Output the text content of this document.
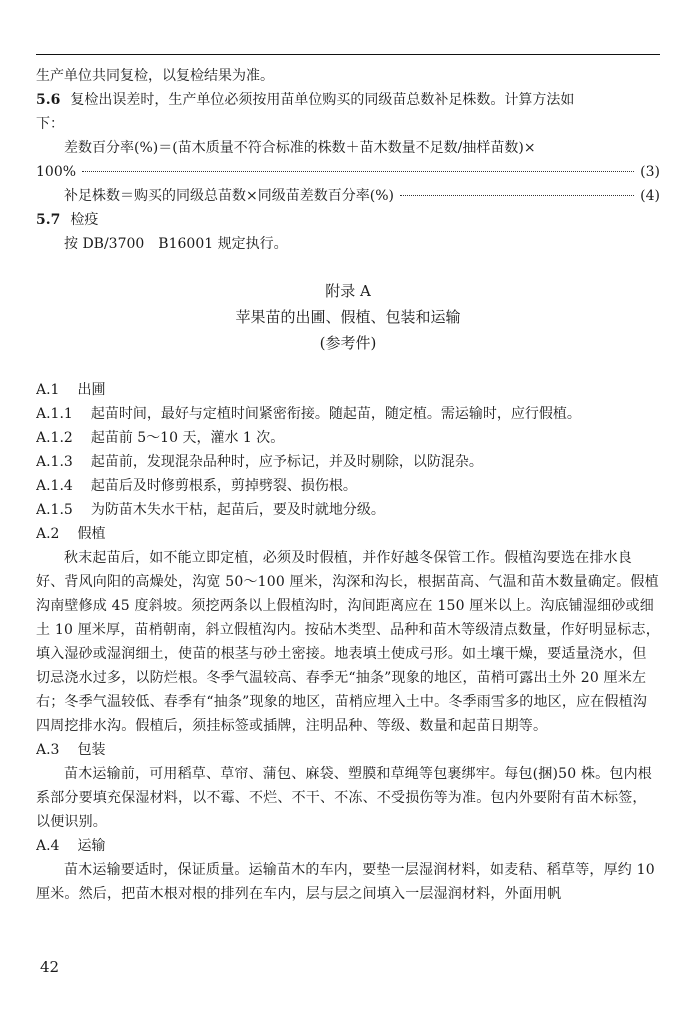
生产单位共同复检，以复检结果为准。

5.6 复检出误差时，生产单位必须按用苗单位购买的同级苗总数补足株数。计算方法如

下：

差数百分率(%)＝(苗木质量不符合标准的株数＋苗木数量不足数/抽样苗数)×

100%	(3)
补足株数＝购买的同级总苗数×同级苗差数百分率(%)	(4)

5.7 检疫

按 DB/3700　B16001 规定执行。

附录 A

苹果苗的出圃、假植、包装和运输

(参考件)

A.1 出圃

A.1.1 起苗时间，最好与定植时间紧密衔接。随起苗，随定植。需运输时，应行假植。

A.1.2 起苗前 5～10 天，灌水 1 次。

A.1.3 起苗前，发现混杂品种时，应予标记，并及时剔除，以防混杂。

A.1.4 起苗后及时修剪根系，剪掉劈裂、损伤根。

A.1.5 为防苗木失水干枯，起苗后，要及时就地分级。

A.2 假植

秋末起苗后，如不能立即定植，必须及时假植，并作好越冬保管工作。假植沟要选在排水良好、背风向阳的高燥处，沟宽 50～100 厘米，沟深和沟长，根据苗高、气温和苗木数量确定。假植沟南壁修成 45 度斜坡。须挖两条以上假植沟时，沟间距离应在 150 厘米以上。沟底铺湿细砂或细土 10 厘米厚，苗梢朝南，斜立假植沟内。按砧木类型、品种和苗木等级清点数量，作好明显标志，填入湿砂或湿润细土，使苗的根茎与砂土密接。地表填土使成弓形。如土壤干燥，要适量浇水，但切忌浇水过多，以防烂根。冬季气温较高、春季无“抽条”现象的地区，苗梢可露出土外 20 厘米左右；冬季气温较低、春季有“抽条”现象的地区，苗梢应埋入土中。冬季雨雪多的地区，应在假植沟四周挖排水沟。假植后，须挂标签或插牌，注明品种、等级、数量和起苗日期等。

A.3 包装

苗木运输前，可用稻草、草帘、蒲包、麻袋、塑膜和草绳等包裹绑牢。每包(捆)50 株。包内根系部分要填充保湿材料，以不霉、不烂、不干、不冻、不受损伤等为准。包内外要附有苗木标签，以便识别。

A.4 运输

苗木运输要适时，保证质量。运输苗木的车内，要垫一层湿润材料，如麦秸、稻草等，厚约 10 厘米。然后，把苗木根对根的排列在车内，层与层之间填入一层湿润材料，外面用帆

42
